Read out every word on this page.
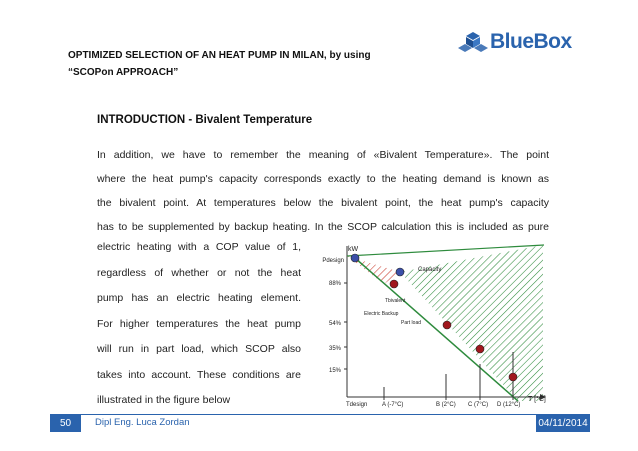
OPTIMIZED SELECTION OF AN HEAT PUMP IN MILAN, by using
“SCOPon APPROACH”
BlueBox
INTRODUCTION - Bivalent Temperature

In addition, we have to remember the meaning of «Bivalent Temperature». The point

where the heat pump's capacity corresponds exactly to the heating demand is known as

the bivalent point. At temperatures below the bivalent point, the heat pump's capacity

has to be supplemented by backup heating. In the SCOP calculation this is included as pure

electric heating with a COP value of 1,

regardless of whether or not the heat

pump has an electric heating element.

For higher temperatures the heat pump

will run in part load, which SCOP also

takes into account. These conditions are

illustrated in the figure below

kW
Pdesign
88%
54%
35%
15%
Tdesign A (-7°C)	B (2°C) C (7°C) D (12°C)
T [°C]
Capacity
Tbivalent
Electric Backup
Part load
50	Dipl Eng. Luca Zordan	04/11/2014
